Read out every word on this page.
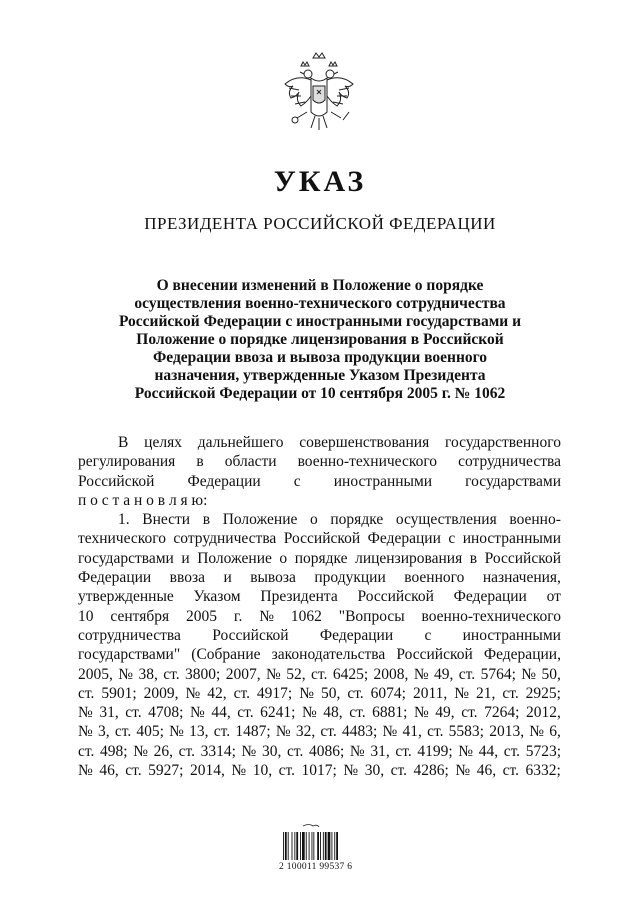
УКАЗ
ПРЕЗИДЕНТА РОССИЙСКОЙ ФЕДЕРАЦИИ
О внесении изменений в Положение о порядке
осуществления военно-технического сотрудничества
Российской Федерации с иностранными государствами и
Положение о порядке лицензирования в Российской
Федерации ввоза и вывоза продукции военного
назначения, утвержденные Указом Президента
Российской Федерации от 10 сентября 2005 г. № 1062
В целях дальнейшего совершенствования государственного
регулирования в области военно-технического сотрудничества
Российской Федерации с иностранными государствами
п о с т а н о в л я ю:
1. Внести в Положение о порядке осуществления военно-
технического сотрудничества Российской Федерации с иностранными
государствами и Положение о порядке лицензирования в Российской
Федерации ввоза и вывоза продукции военного назначения,
утвержденные Указом Президента Российской Федерации от
10 сентября 2005 г. № 1062 "Вопросы военно-технического
сотрудничества Российской Федерации с иностранными
государствами" (Собрание законодательства Российской Федерации,
2005, № 38, ст. 3800; 2007, № 52, ст. 6425; 2008, № 49, ст. 5764; № 50,
ст. 5901; 2009, № 42, ст. 4917; № 50, ст. 6074; 2011, № 21, ст. 2925;
№ 31, ст. 4708; № 44, ст. 6241; № 48, ст. 6881; № 49, ст. 7264; 2012,
№ 3, ст. 405; № 13, ст. 1487; № 32, ст. 4483; № 41, ст. 5583; 2013, № 6,
ст. 498; № 26, ст. 3314; № 30, ст. 4086; № 31, ст. 4199; № 44, ст. 5723;
№ 46, ст. 5927; 2014, № 10, ст. 1017; № 30, ст. 4286; № 46, ст. 6332;
2 100011 99537 6
